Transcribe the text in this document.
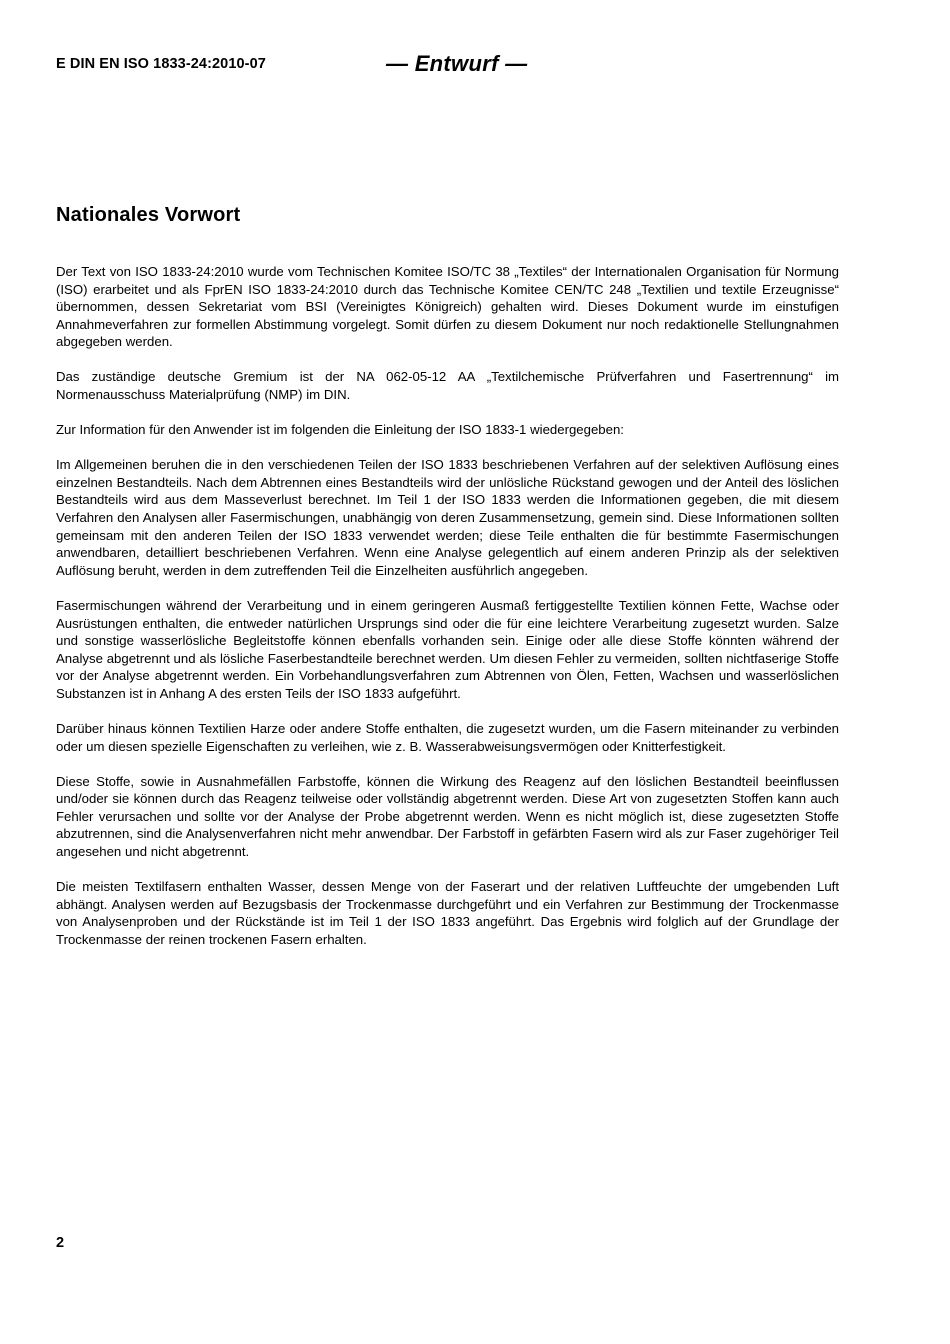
E DIN EN ISO 1833-24:2010-07	— Entwurf —
Nationales Vorwort

Der Text von ISO 1833-24:2010 wurde vom Technischen Komitee ISO/TC 38 „Textiles“ der Internationalen Organisation für Normung (ISO) erarbeitet und als FprEN ISO 1833-24:2010 durch das Technische Komitee CEN/TC 248 „Textilien und textile Erzeugnisse“ übernommen, dessen Sekretariat vom BSI (Vereinigtes Königreich) gehalten wird. Dieses Dokument wurde im einstufigen Annahmeverfahren zur formellen Abstimmung vorgelegt. Somit dürfen zu diesem Dokument nur noch redaktionelle Stellungnahmen abgegeben werden.

Das zuständige deutsche Gremium ist der NA 062-05-12 AA „Textilchemische Prüfverfahren und Fasertrennung“ im Normenausschuss Materialprüfung (NMP) im DIN.

Zur Information für den Anwender ist im folgenden die Einleitung der ISO 1833-1 wiedergegeben:

Im Allgemeinen beruhen die in den verschiedenen Teilen der ISO 1833 beschriebenen Verfahren auf der selektiven Auflösung eines einzelnen Bestandteils. Nach dem Abtrennen eines Bestandteils wird der unlösliche Rückstand gewogen und der Anteil des löslichen Bestandteils wird aus dem Masseverlust berechnet. Im Teil 1 der ISO 1833 werden die Informationen gegeben, die mit diesem Verfahren den Analysen aller Fasermischungen, unabhängig von deren Zusammensetzung, gemein sind. Diese Informationen sollten gemeinsam mit den anderen Teilen der ISO 1833 verwendet werden; diese Teile enthalten die für bestimmte Fasermischungen anwendbaren, detailliert beschriebenen Verfahren. Wenn eine Analyse gelegentlich auf einem anderen Prinzip als der selektiven Auflösung beruht, werden in dem zutreffenden Teil die Einzelheiten ausführlich angegeben.

Fasermischungen während der Verarbeitung und in einem geringeren Ausmaß fertiggestellte Textilien können Fette, Wachse oder Ausrüstungen enthalten, die entweder natürlichen Ursprungs sind oder die für eine leichtere Verarbeitung zugesetzt wurden. Salze und sonstige wasserlösliche Begleitstoffe können ebenfalls vorhanden sein. Einige oder alle diese Stoffe könnten während der Analyse abgetrennt und als lösliche Faserbestandteile berechnet werden. Um diesen Fehler zu vermeiden, sollten nichtfaserige Stoffe vor der Analyse abgetrennt werden. Ein Vorbehandlungsverfahren zum Abtrennen von Ölen, Fetten, Wachsen und wasserlöslichen Substanzen ist in Anhang A des ersten Teils der ISO 1833 aufgeführt.

Darüber hinaus können Textilien Harze oder andere Stoffe enthalten, die zugesetzt wurden, um die Fasern miteinander zu verbinden oder um diesen spezielle Eigenschaften zu verleihen, wie z. B. Wasserabweisungsvermögen oder Knitterfestigkeit.

Diese Stoffe, sowie in Ausnahmefällen Farbstoffe, können die Wirkung des Reagenz auf den löslichen Bestandteil beeinflussen und/oder sie können durch das Reagenz teilweise oder vollständig abgetrennt werden. Diese Art von zugesetzten Stoffen kann auch Fehler verursachen und sollte vor der Analyse der Probe abgetrennt werden. Wenn es nicht möglich ist, diese zugesetzten Stoffe abzutrennen, sind die Analysenverfahren nicht mehr anwendbar. Der Farbstoff in gefärbten Fasern wird als zur Faser zugehöriger Teil angesehen und nicht abgetrennt.

Die meisten Textilfasern enthalten Wasser, dessen Menge von der Faserart und der relativen Luftfeuchte der umgebenden Luft abhängt. Analysen werden auf Bezugsbasis der Trockenmasse durchgeführt und ein Verfahren zur Bestimmung der Trockenmasse von Analysenproben und der Rückstände ist im Teil 1 der ISO 1833 angeführt. Das Ergebnis wird folglich auf der Grundlage der Trockenmasse der reinen trockenen Fasern erhalten.

2
